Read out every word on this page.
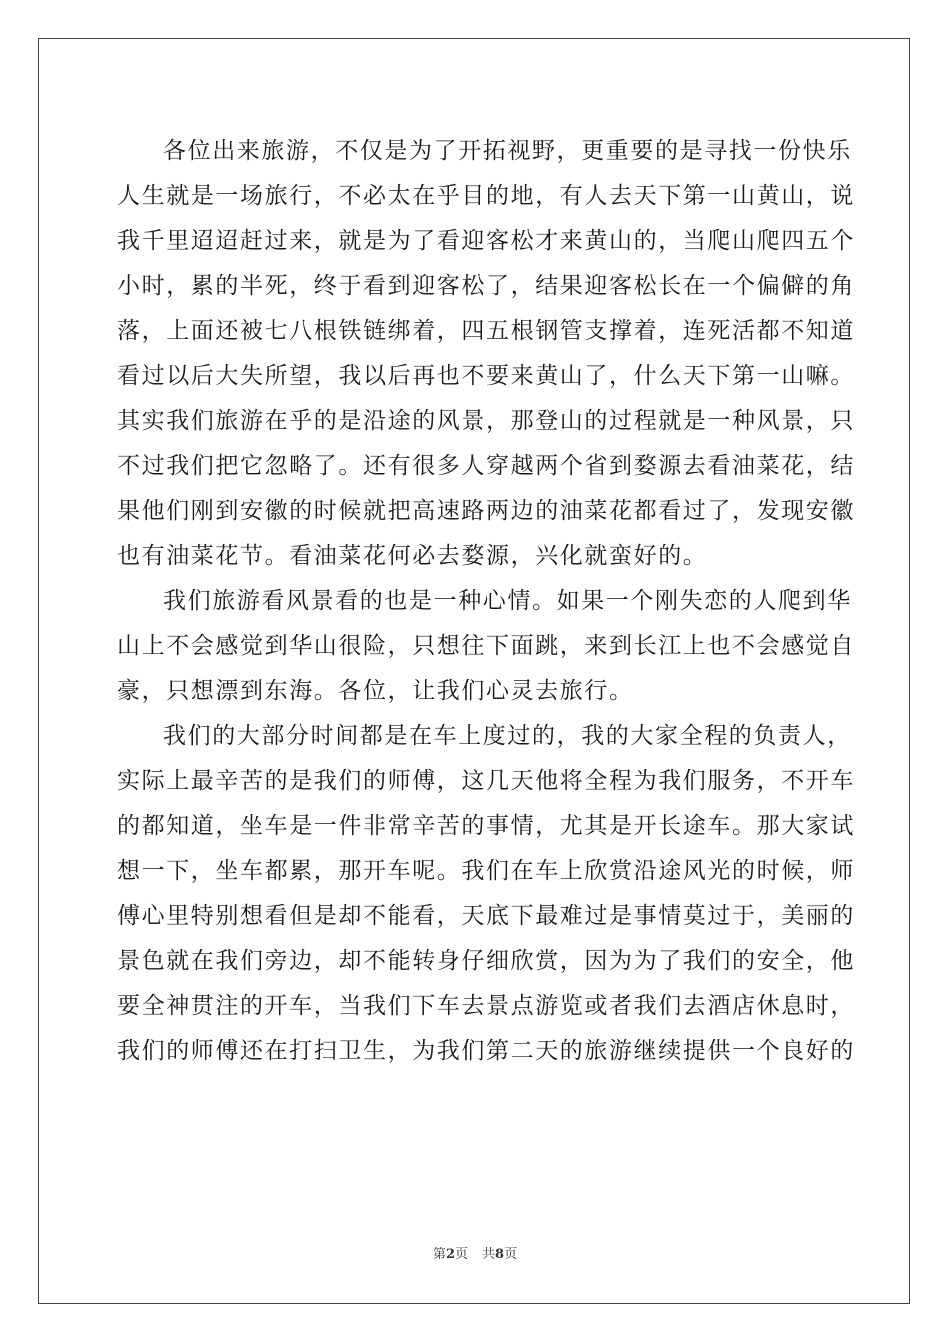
各位出来旅游，不仅是为了开拓视野，更重要的是寻找一份快乐
人生就是一场旅行，不必太在乎目的地，有人去天下第一山黄山，说
我千里迢迢赶过来，就是为了看迎客松才来黄山的，当爬山爬四五个
小时，累的半死，终于看到迎客松了，结果迎客松长在一个偏僻的角
落，上面还被七八根铁链绑着，四五根钢管支撑着，连死活都不知道
看过以后大失所望，我以后再也不要来黄山了，什么天下第一山嘛。
其实我们旅游在乎的是沿途的风景，那登山的过程就是一种风景，只
不过我们把它忽略了。还有很多人穿越两个省到婺源去看油菜花，结
果他们刚到安徽的时候就把高速路两边的油菜花都看过了，发现安徽
也有油菜花节。看油菜花何必去婺源，兴化就蛮好的。
我们旅游看风景看的也是一种心情。如果一个刚失恋的人爬到华
山上不会感觉到华山很险，只想往下面跳，来到长江上也不会感觉自
豪，只想漂到东海。各位，让我们心灵去旅行。
我们的大部分时间都是在车上度过的，我的大家全程的负责人，
实际上最辛苦的是我们的师傅，这几天他将全程为我们服务，不开车
的都知道，坐车是一件非常辛苦的事情，尤其是开长途车。那大家试
想一下，坐车都累，那开车呢。我们在车上欣赏沿途风光的时候，师
傅心里特别想看但是却不能看，天底下最难过是事情莫过于，美丽的
景色就在我们旁边，却不能转身仔细欣赏，因为为了我们的安全，他
要全神贯注的开车，当我们下车去景点游览或者我们去酒店休息时，
我们的师傅还在打扫卫生，为我们第二天的旅游继续提供一个良好的
第2页 共8页
